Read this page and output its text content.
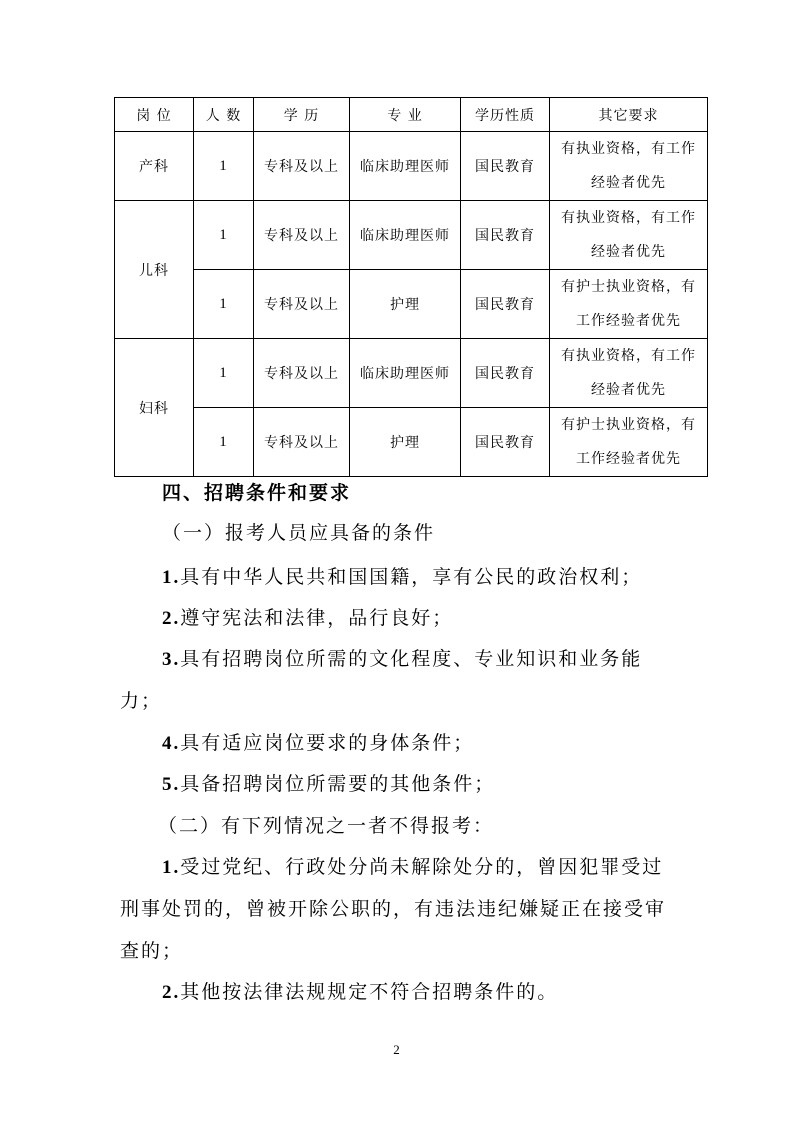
岗 位	人 数	学 历	专 业	学历性质	其它要求
产科	1	专科及以上	临床助理医师	国民教育	有执业资格，有工作
经验者优先
儿科	1	专科及以上	临床助理医师	国民教育	有执业资格，有工作
经验者优先
	1	专科及以上	护理	国民教育	有护士执业资格，有
工作经验者优先
妇科	1	专科及以上	临床助理医师	国民教育	有执业资格，有工作
经验者优先
	1	专科及以上	护理	国民教育	有护士执业资格，有
工作经验者优先
四、招聘条件和要求
（一）报考人员应具备的条件
1.具有中华人民共和国国籍，享有公民的政治权利；
2.遵守宪法和法律，品行良好；
3.具有招聘岗位所需的文化程度、专业知识和业务能
力；
4.具有适应岗位要求的身体条件；
5.具备招聘岗位所需要的其他条件；
（二）有下列情况之一者不得报考：
1.受过党纪、行政处分尚未解除处分的，曾因犯罪受过
刑事处罚的，曾被开除公职的，有违法违纪嫌疑正在接受审
查的；
2.其他按法律法规规定不符合招聘条件的。
2
